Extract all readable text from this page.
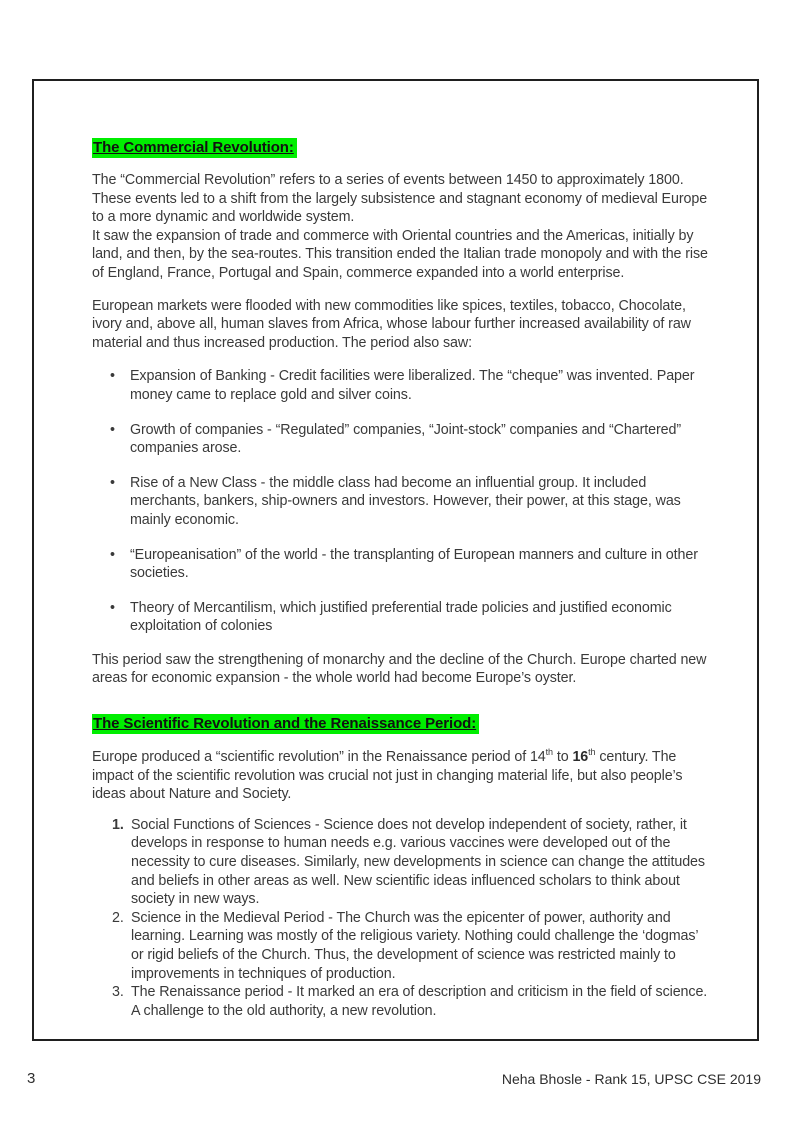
The Commercial Revolution:

The “Commercial Revolution” refers to a series of events between 1450 to approximately 1800. These events led to a shift from the largely subsistence and stagnant economy of medieval Europe to a more dynamic and worldwide system.

It saw the expansion of trade and commerce with Oriental countries and the Americas, initially by land, and then, by the sea-routes. This transition ended the Italian trade monopoly and with the rise of England, France, Portugal and Spain, commerce expanded into a world enterprise.

European markets were flooded with new commodities like spices, textiles, tobacco, Chocolate, ivory and, above all, human slaves from Africa, whose labour further increased availability of raw material and thus increased production. The period also saw:

• Expansion of Banking - Credit facilities were liberalized. The “cheque” was invented. Paper money came to replace gold and silver coins.
• Growth of companies - “Regulated” companies, “Joint-stock” companies and “Chartered” companies arose.
• Rise of a New Class - the middle class had become an influential group. It included merchants, bankers, ship-owners and investors. However, their power, at this stage, was mainly economic.
• “Europeanisation” of the world - the transplanting of European manners and culture in other societies.
• Theory of Mercantilism, which justified preferential trade policies and justified economic exploitation of colonies

This period saw the strengthening of monarchy and the decline of the Church. Europe charted new areas for economic expansion - the whole world had become Europe’s oyster.

The Scientific Revolution and the Renaissance Period:

Europe produced a “scientific revolution” in the Renaissance period of 14th to 16th century. The impact of the scientific revolution was crucial not just in changing material life, but also people’s ideas about Nature and Society.

1. Social Functions of Sciences - Science does not develop independent of society, rather, it develops in response to human needs e.g. various vaccines were developed out of the necessity to cure diseases. Similarly, new developments in science can change the attitudes and beliefs in other areas as well. New scientific ideas influenced scholars to think about society in new ways.
2. Science in the Medieval Period - The Church was the epicenter of power, authority and learning. Learning was mostly of the religious variety. Nothing could challenge the ‘dogmas’ or rigid beliefs of the Church. Thus, the development of science was restricted mainly to improvements in techniques of production.
3. The Renaissance period - It marked an era of description and criticism in the field of science. A challenge to the old authority, a new revolution.
3	Neha Bhosle - Rank 15, UPSC CSE 2019
